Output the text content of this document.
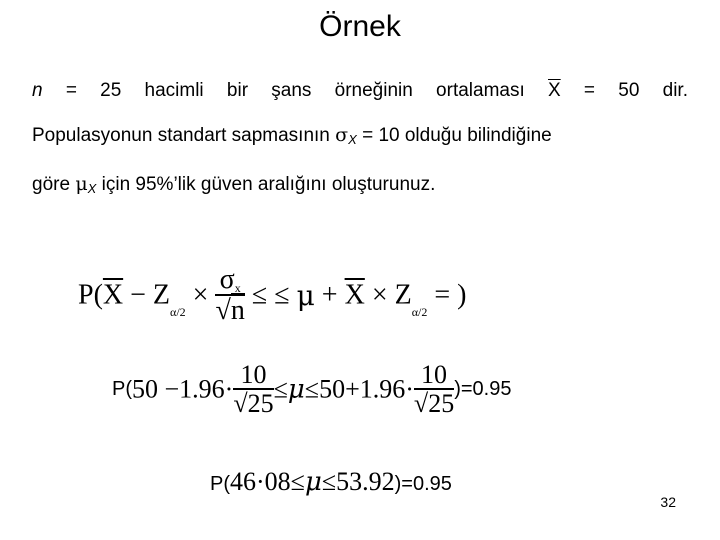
Örnek
n = 25 hacimli bir şans örneğinin ortalaması $\overline{X} = 50$ dir.
Populasyonun standart sapmasının $\sigma_X = 10$ olduğu bilindiğine
göre $\mu_X$ için 95%’lik güven aralığını oluşturunuz.
$P(\overline{X} - Z_{\alpha/2} \times \frac{\sigma x}{√n}$ ≤ ≤ $\mu + \overline{X} \times Z_{\alpha/2}$ = )
$P(50 -1.96\cdot \frac{10}{√25} \le\mu\le 50+1.96\cdot \frac{10}{√25} )=0.95$
P(46·08≤μ≤53.92)=0.95
32
